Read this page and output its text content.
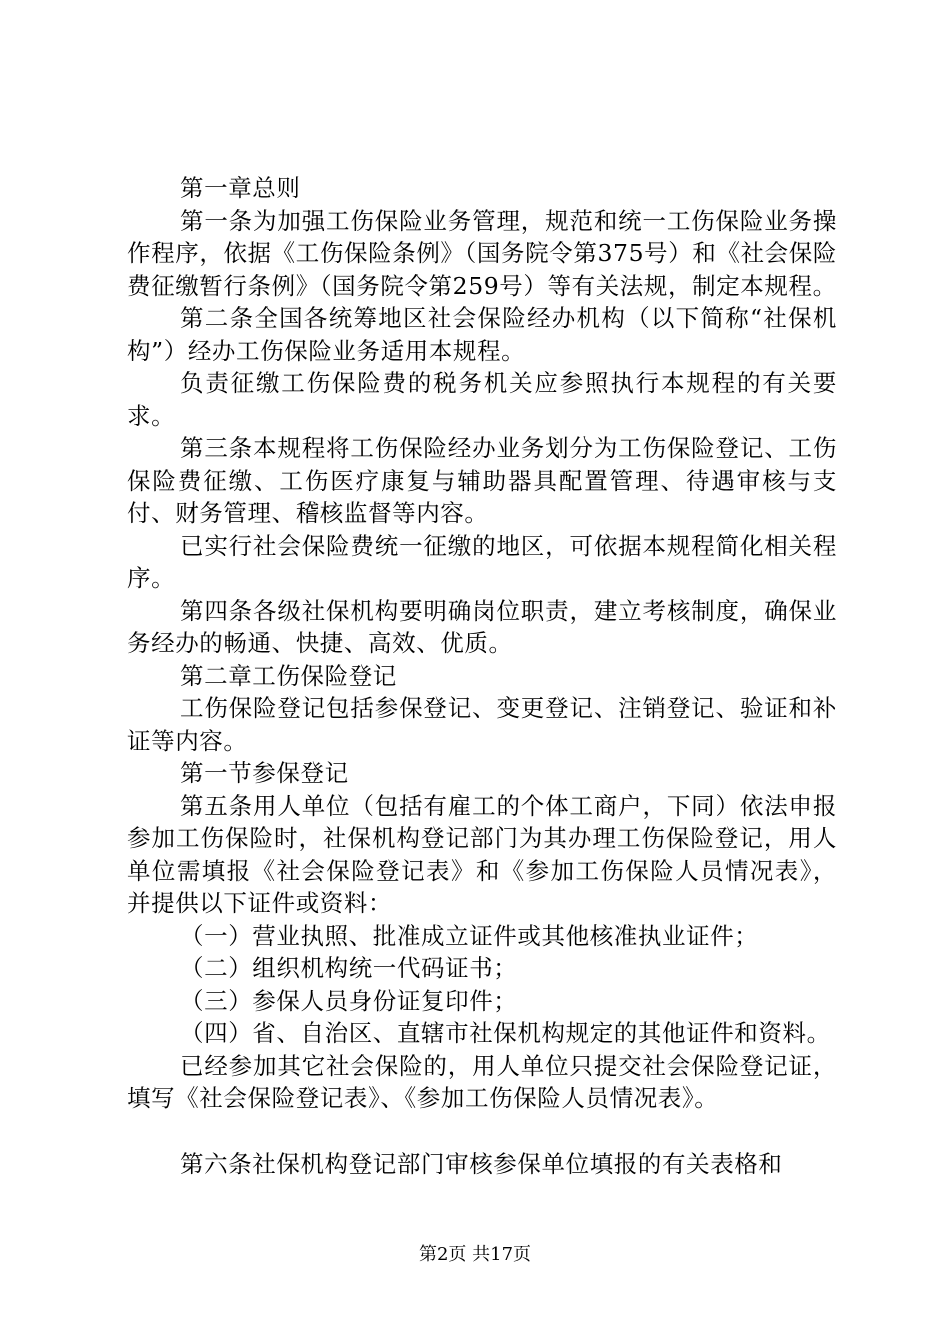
第一章总则

第一条为加强工伤保险业务管理，规范和统一工伤保险业务操作程序，依据《工伤保险条例》（国务院令第375号）和《社会保险费征缴暂行条例》（国务院令第259号）等有关法规，制定本规程。

第二条全国各统筹地区社会保险经办机构（以下简称“社保机构”）经办工伤保险业务适用本规程。

负责征缴工伤保险费的税务机关应参照执行本规程的有关要求。

第三条本规程将工伤保险经办业务划分为工伤保险登记、工伤保险费征缴、工伤医疗康复与辅助器具配置管理、待遇审核与支付、财务管理、稽核监督等内容。

已实行社会保险费统一征缴的地区，可依据本规程简化相关程序。

第四条各级社保机构要明确岗位职责，建立考核制度，确保业务经办的畅通、快捷、高效、优质。

第二章工伤保险登记

工伤保险登记包括参保登记、变更登记、注销登记、验证和补证等内容。

第一节参保登记

第五条用人单位（包括有雇工的个体工商户，下同）依法申报参加工伤保险时，社保机构登记部门为其办理工伤保险登记，用人单位需填报《社会保险登记表》和《参加工伤保险人员情况表》，并提供以下证件或资料：

（一）营业执照、批准成立证件或其他核准执业证件；

（二）组织机构统一代码证书；

（三）参保人员身份证复印件；

（四）省、自治区、直辖市社保机构规定的其他证件和资料。

已经参加其它社会保险的，用人单位只提交社会保险登记证，填写《社会保险登记表》、《参加工伤保险人员情况表》。

第六条社保机构登记部门审核参保单位填报的有关表格和

第2页 共17页
